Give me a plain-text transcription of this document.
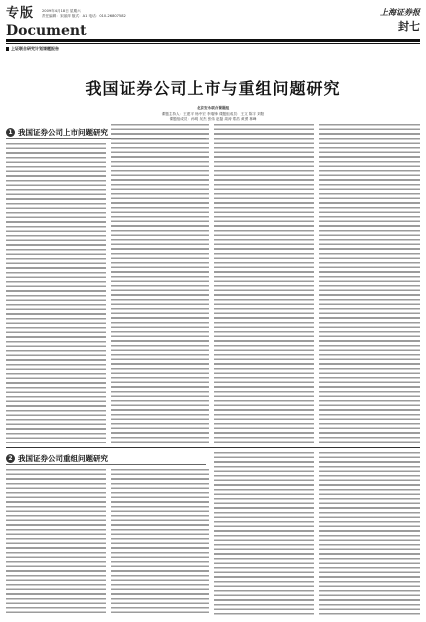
专版
Document
2009年4月18日 星期六
责任编辑：宋丽萍 版式：A1 电话：010-26807582	上海证券报
封七
上证联合研究计划课题报告
我国证券公司上市与重组问题研究
北京安永联合课题组
课题主持人：王建平 杨中宏 李瑞锋 课题组成员：王文 陈宇 刘阳
课题组成员：孙明 吴杰 张伟 赵磊 周涛 郑浩 黄勇 林峰
1 我国证券公司上市问题研究
2 我国证券公司重组问题研究
